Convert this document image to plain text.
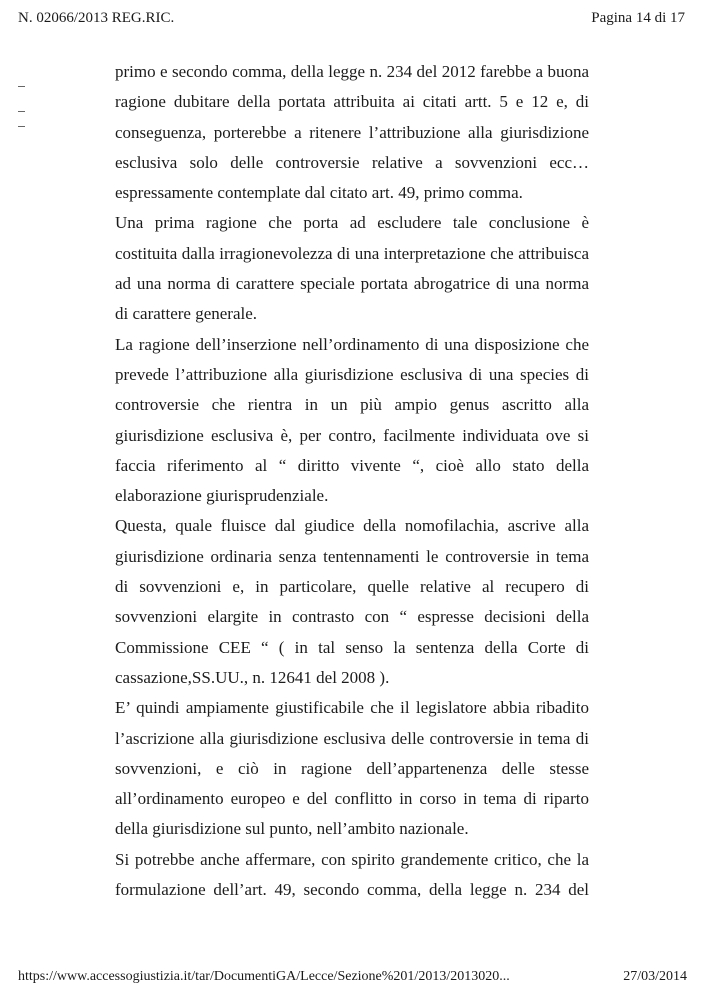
N. 02066/2013 REG.RIC.	Pagina 14 di 17

primo e secondo comma, della legge n. 234 del 2012 farebbe a buona
ragione dubitare della portata attribuita ai citati artt. 5 e 12 e, di
conseguenza, porterebbe a ritenere l’attribuzione alla giurisdizione
esclusiva solo delle controversie relative a sovvenzioni ecc…
espressamente contemplate dal citato art. 49, primo comma.

Una prima ragione che porta ad escludere tale conclusione è
costituita dalla irragionevolezza di una interpretazione che attribuisca
ad una norma di carattere speciale portata abrogatrice di una norma
di carattere generale.

La ragione dell’inserzione nell’ordinamento di una disposizione che
prevede l’attribuzione alla giurisdizione esclusiva di una species di
controversie che rientra in un più ampio genus ascritto alla
giurisdizione esclusiva è, per contro, facilmente individuata ove si
faccia riferimento al “ diritto vivente “, cioè allo stato della
elaborazione giurisprudenziale.

Questa, quale fluisce dal giudice della nomofilachia, ascrive alla
giurisdizione ordinaria senza tentennamenti le controversie in tema
di sovvenzioni e, in particolare, quelle relative al recupero di
sovvenzioni elargite in contrasto con “ espresse decisioni della
Commissione CEE “ ( in tal senso la sentenza della Corte di
cassazione,SS.UU., n. 12641 del 2008 ).

E’ quindi ampiamente giustificabile che il legislatore abbia ribadito
l’ascrizione alla giurisdizione esclusiva delle controversie in tema di
sovvenzioni, e ciò in ragione dell’appartenenza delle stesse
all’ordinamento europeo e del conflitto in corso in tema di riparto
della giurisdizione sul punto, nell’ambito nazionale.

Si potrebbe anche affermare, con spirito grandemente critico, che la
formulazione dell’art. 49, secondo comma, della legge n. 234 del

https://www.accessogiustizia.it/tar/DocumentiGA/Lecce/Sezione%201/2013/2013020...	27/03/2014
